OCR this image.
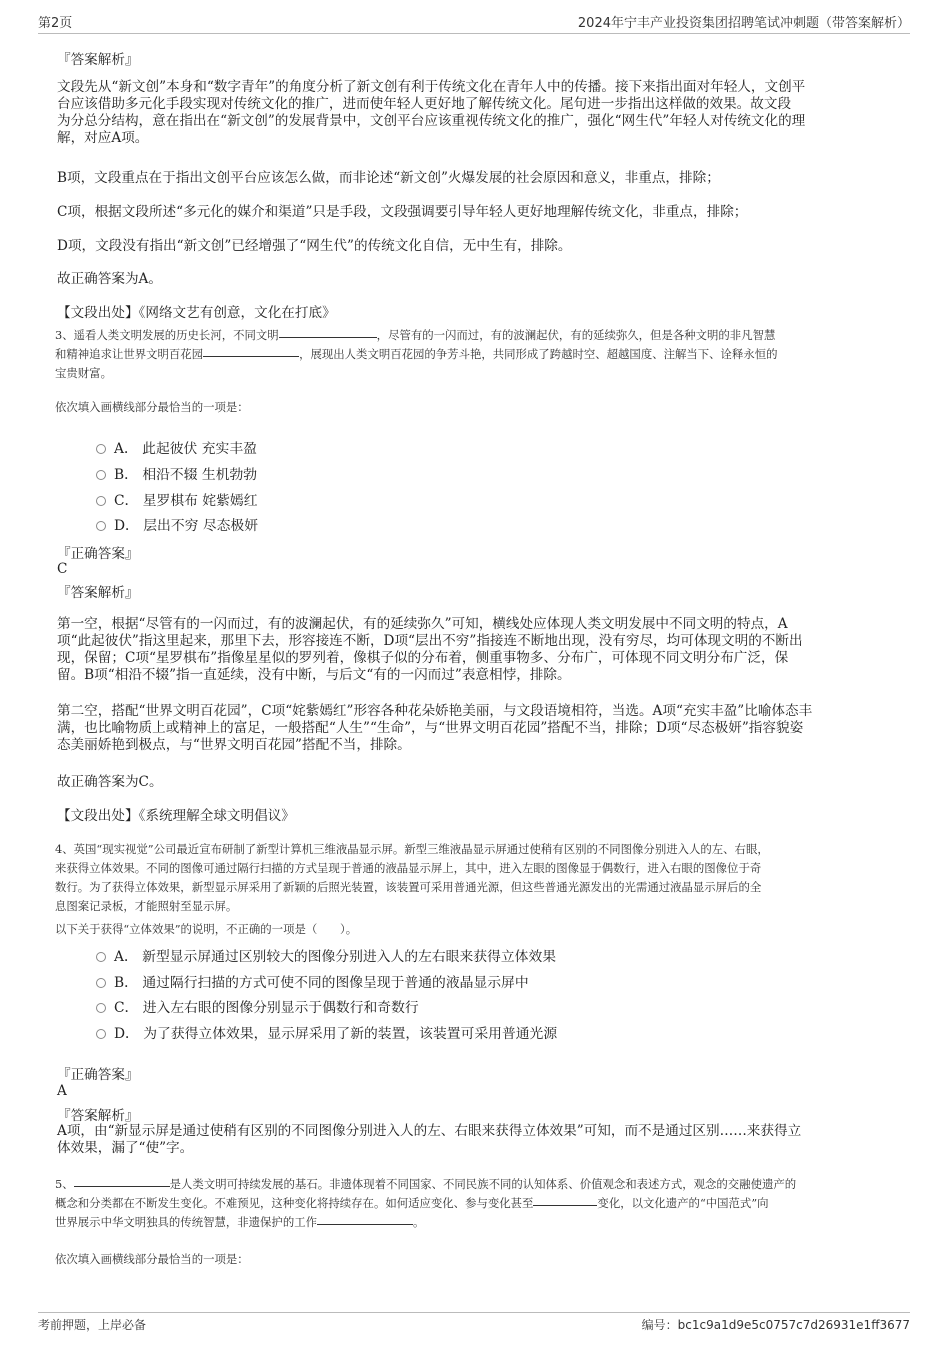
第2页	2024年宁丰产业投资集团招聘笔试冲刺题（带答案解析）
『答案解析』
文段先从“新文创”本身和“数字青年”的角度分析了新文创有利于传统文化在青年人中的传播。接下来指出面对年轻人，文创平
台应该借助多元化手段实现对传统文化的推广，进而使年轻人更好地了解传统文化。尾句进一步指出这样做的效果。故文段
为分总分结构，意在指出在“新文创”的发展背景中，文创平台应该重视传统文化的推广，强化“网生代”年轻人对传统文化的理
解，对应A项。
B项，文段重点在于指出文创平台应该怎么做，而非论述“新文创”火爆发展的社会原因和意义，非重点，排除；
C项，根据文段所述“多元化的媒介和渠道”只是手段，文段强调要引导年轻人更好地理解传统文化，非重点，排除；
D项，文段没有指出“新文创”已经增强了“网生代”的传统文化自信，无中生有，排除。
故正确答案为A。
【文段出处】《网络文艺有创意，文化在打底》
3、遥看人类文明发展的历史长河，不同文明	，尽管有的一闪而过，有的波澜起伏，有的延续弥久，但是各种文明的非凡智慧
和精神追求让世界文明百花园	，展现出人类文明百花园的争芳斗艳，共同形成了跨越时空、超越国度、注解当下、诠释永恒的
宝贵财富。
依次填入画横线部分最恰当的一项是：
A． 此起彼伏 充实丰盈
B． 相沿不辍 生机勃勃
C． 星罗棋布 姹紫嫣红
D． 层出不穷 尽态极妍
『正确答案』
C
『答案解析』
第一空，根据“尽管有的一闪而过，有的波澜起伏，有的延续弥久”可知，横线处应体现人类文明发展中不同文明的特点，A
项“此起彼伏”指这里起来，那里下去，形容接连不断，D项“层出不穷”指接连不断地出现，没有穷尽，均可体现文明的不断出
现，保留；C项“星罗棋布”指像星星似的罗列着，像棋子似的分布着，侧重事物多、分布广，可体现不同文明分布广泛，保
留。B项“相沿不辍”指一直延续，没有中断，与后文“有的一闪而过”表意相悖，排除。
第二空，搭配“世界文明百花园”，C项“姹紫嫣红”形容各种花朵娇艳美丽，与文段语境相符，当选。A项“充实丰盈”比喻体态丰
满，也比喻物质上或精神上的富足，一般搭配“人生”“生命”，与“世界文明百花园”搭配不当，排除；D项“尽态极妍”指容貌姿
态美丽娇艳到极点，与“世界文明百花园”搭配不当，排除。
故正确答案为C。
【文段出处】《系统理解全球文明倡议》
4、英国“现实视觉”公司最近宣布研制了新型计算机三维液晶显示屏。新型三维液晶显示屏通过使稍有区别的不同图像分别进入人的左、右眼，
来获得立体效果。不同的图像可通过隔行扫描的方式呈现于普通的液晶显示屏上，其中，进入左眼的图像显于偶数行，进入右眼的图像位于奇
数行。为了获得立体效果，新型显示屏采用了新颖的后照光装置，该装置可采用普通光源，但这些普通光源发出的光需通过液晶显示屏后的全
息图案记录板，才能照射至显示屏。
以下关于获得“立体效果”的说明，不正确的一项是（　　）。
A． 新型显示屏通过区别较大的图像分别进入人的左右眼来获得立体效果
B． 通过隔行扫描的方式可使不同的图像呈现于普通的液晶显示屏中
C． 进入左右眼的图像分别显示于偶数行和奇数行
D． 为了获得立体效果，显示屏采用了新的装置，该装置可采用普通光源
『正确答案』
A
『答案解析』
A项，由“新显示屏是通过使稍有区别的不同图像分别进入人的左、右眼来获得立体效果”可知，而不是通过区别……来获得立
体效果，漏了“使”字。
5、	是人类文明可持续发展的基石。非遗体现着不同国家、不同民族不同的认知体系、价值观念和表述方式，观念的交融使遗产的
概念和分类都在不断发生变化。不难预见，这种变化将持续存在。如何适应变化、参与变化甚至	变化，以文化遗产的“中国范式”向
世界展示中华文明独具的传统智慧，非遗保护的工作	。
依次填入画横线部分最恰当的一项是：
考前押题，上岸必备	编号：bc1c9a1d9e5c0757c7d26931e1ff3677
